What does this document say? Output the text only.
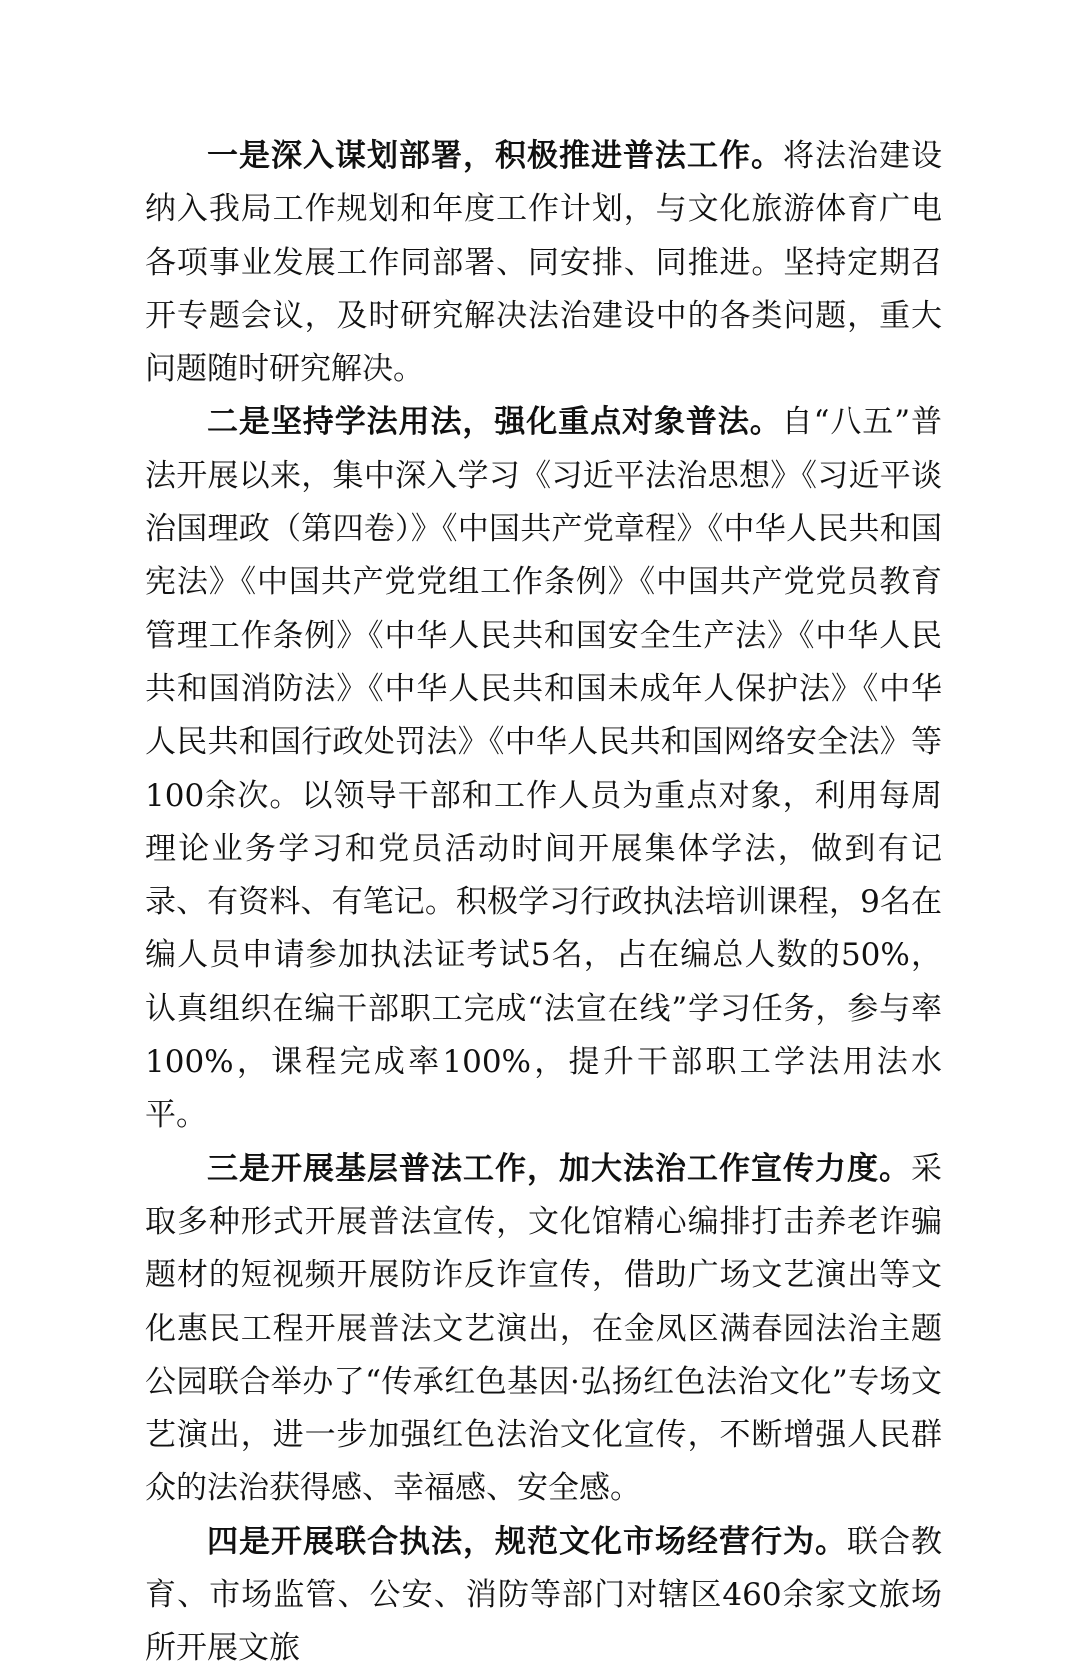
一是深入谋划部署，积极推进普法工作。将法治建设纳入我局工作规划和年度工作计划，与文化旅游体育广电各项事业发展工作同部署、同安排、同推进。坚持定期召开专题会议，及时研究解决法治建设中的各类问题，重大问题随时研究解决。

二是坚持学法用法，强化重点对象普法。自“八五”普法开展以来，集中深入学习《习近平法治思想》《习近平谈治国理政（第四卷）》《中国共产党章程》《中华人民共和国宪法》《中国共产党党组工作条例》《中国共产党党员教育管理工作条例》《中华人民共和国安全生产法》《中华人民共和国消防法》《中华人民共和国未成年人保护法》《中华人民共和国行政处罚法》《中华人民共和国网络安全法》等100余次。以领导干部和工作人员为重点对象，利用每周理论业务学习和党员活动时间开展集体学法，做到有记录、有资料、有笔记。积极学习行政执法培训课程，9名在编人员申请参加执法证考试5名，占在编总人数的50%，认真组织在编干部职工完成“法宣在线”学习任务，参与率100%，课程完成率100%，提升干部职工学法用法水平。

三是开展基层普法工作，加大法治工作宣传力度。采取多种形式开展普法宣传，文化馆精心编排打击养老诈骗题材的短视频开展防诈反诈宣传，借助广场文艺演出等文化惠民工程开展普法文艺演出，在金凤区满春园法治主题公园联合举办了“传承红色基因·弘扬红色法治文化”专场文艺演出，进一步加强红色法治文化宣传，不断增强人民群众的法治获得感、幸福感、安全感。

四是开展联合执法，规范文化市场经营行为。联合教育、市场监管、公安、消防等部门对辖区460余家文旅场所开展文旅
